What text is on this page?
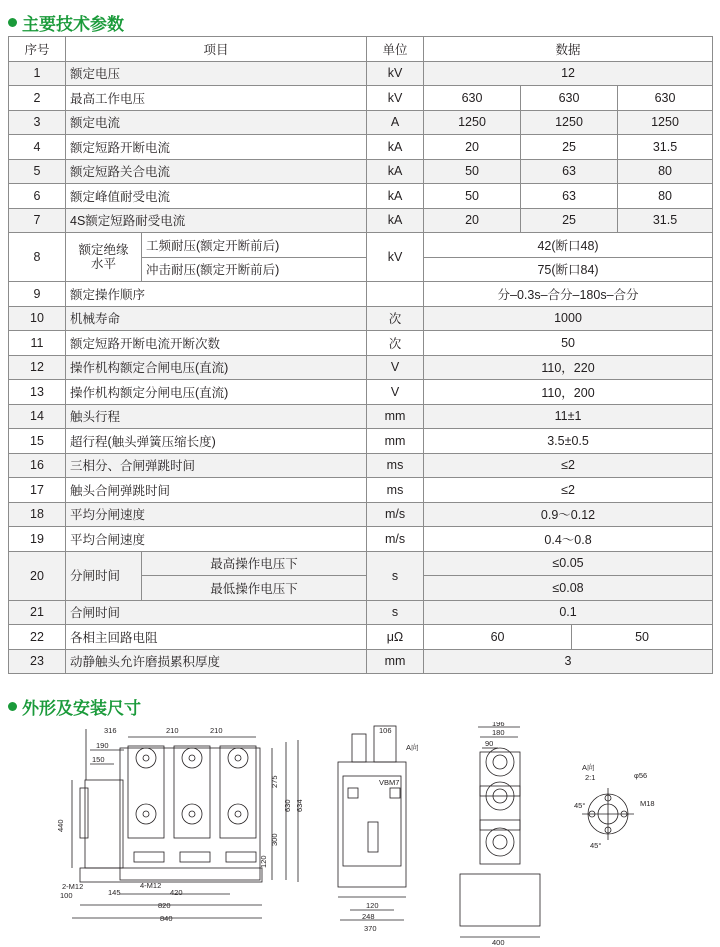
主要技术参数
序号	项目		单位	数据			
1	额定电压		kV	12			
2	最高工作电压		kV	630	630		630
3	额定电流		A	1250	1250		1250
4	额定短路开断电流		kA	20	25		31.5
5	额定短路关合电流		kA	50	63		80
6	额定峰值耐受电流		kA	50	63		80
7	4S额定短路耐受电流		kA	20	25		31.5
8	额定绝缘水平	工频耐压(额定开断前后)	kV	42(断口48)			
		冲击耐压(额定开断前后)		75(断口84)			
9	额定操作顺序			分–0.3s–合分–180s–合分			
10	机械寿命		次	1000			
11	额定短路开断电流开断次数		次	50			
12	操作机构额定合闸电压(直流)		V	110，220			
13	操作机构额定分闸电压(直流)		V	110，200			
14	触头行程		mm	11±1			
15	超行程(触头弹簧压缩长度)		mm	3.5±0.5			
16	三相分、合闸弹跳时间		ms	≤2			
17	触头合闸弹跳时间		ms	≤2			
18	平均分闸速度		m/s	0.9～0.12			
19	平均合闸速度		m/s	0.4～0.8			
20	分闸时间	最高操作电压下	s	≤0.05			
		最低操作电压下		≤0.08			
21	合闸时间		s	0.1			
22	各相主回路电阻		μΩ	60		50	
23	动静触头允许磨损累积厚度		mm	3			
外形及安装尺寸
316	210	210
190
150
440
275
630 634
300
120
2-M12
100	145
4-M12
420
820
840
106
A向
VBM7
120
248
370
196
180
90
400
A向
2:1	φ56
M18
45°
45°
